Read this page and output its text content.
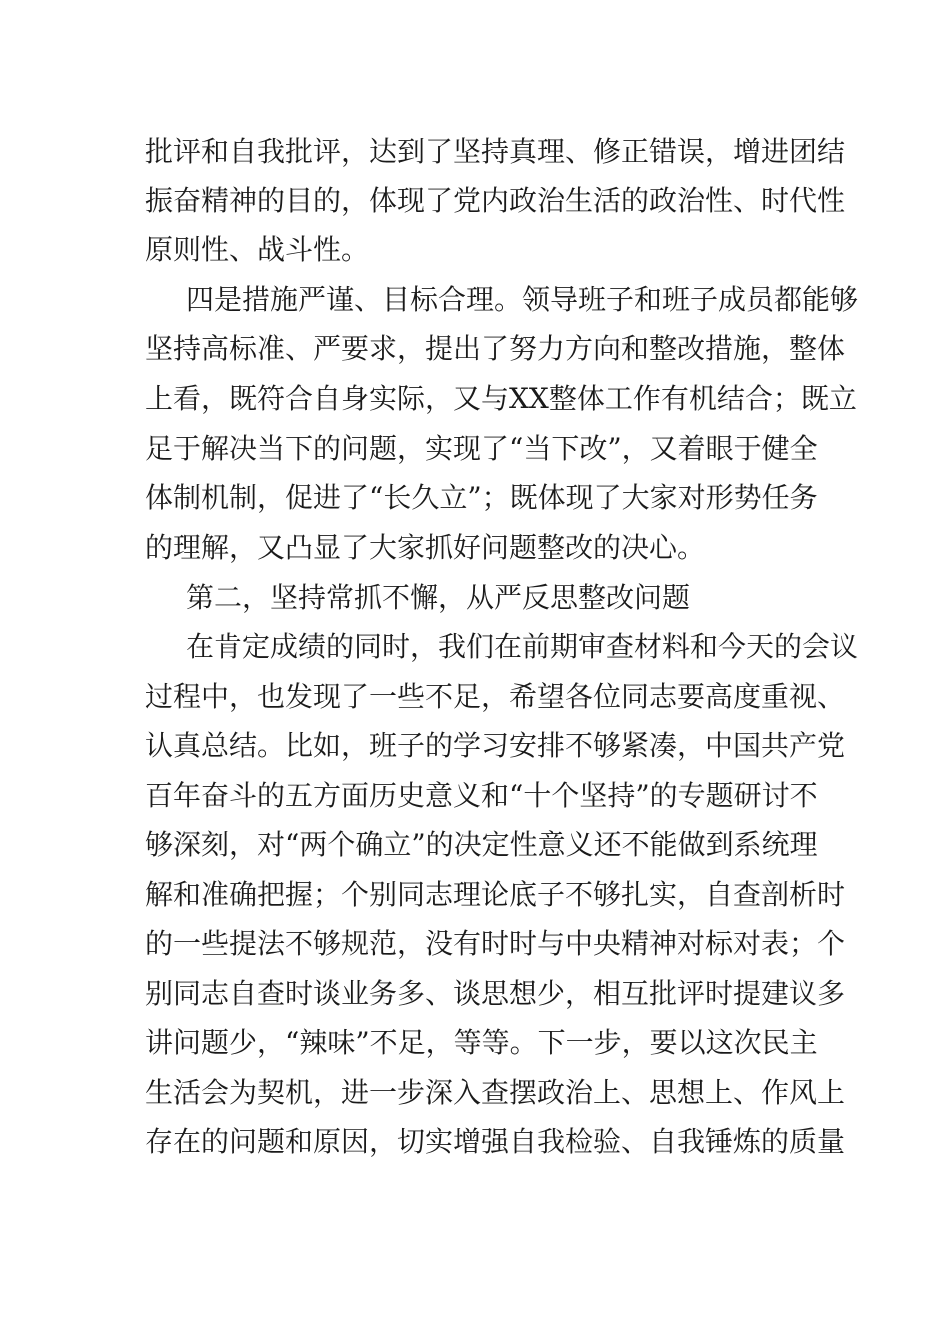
批评和自我批评，达到了坚持真理、修正错误，增进团结
振奋精神的目的，体现了党内政治生活的政治性、时代性
原则性、战斗性。
四是措施严谨、目标合理。领导班子和班子成员都能够
坚持高标准、严要求，提出了努力方向和整改措施，整体
上看，既符合自身实际，又与XX整体工作有机结合；既立
足于解决当下的问题，实现了“当下改”，又着眼于健全
体制机制，促进了“长久立”；既体现了大家对形势任务
的理解，又凸显了大家抓好问题整改的决心。
第二，坚持常抓不懈，从严反思整改问题
在肯定成绩的同时，我们在前期审查材料和今天的会议
过程中，也发现了一些不足，希望各位同志要高度重视、
认真总结。比如，班子的学习安排不够紧凑，中国共产党
百年奋斗的五方面历史意义和“十个坚持”的专题研讨不
够深刻，对“两个确立”的决定性意义还不能做到系统理
解和准确把握；个别同志理论底子不够扎实，自查剖析时
的一些提法不够规范，没有时时与中央精神对标对表；个
别同志自查时谈业务多、谈思想少，相互批评时提建议多
讲问题少，“辣味”不足，等等。下一步，要以这次民主
生活会为契机，进一步深入查摆政治上、思想上、作风上
存在的问题和原因，切实增强自我检验、自我锤炼的质量
